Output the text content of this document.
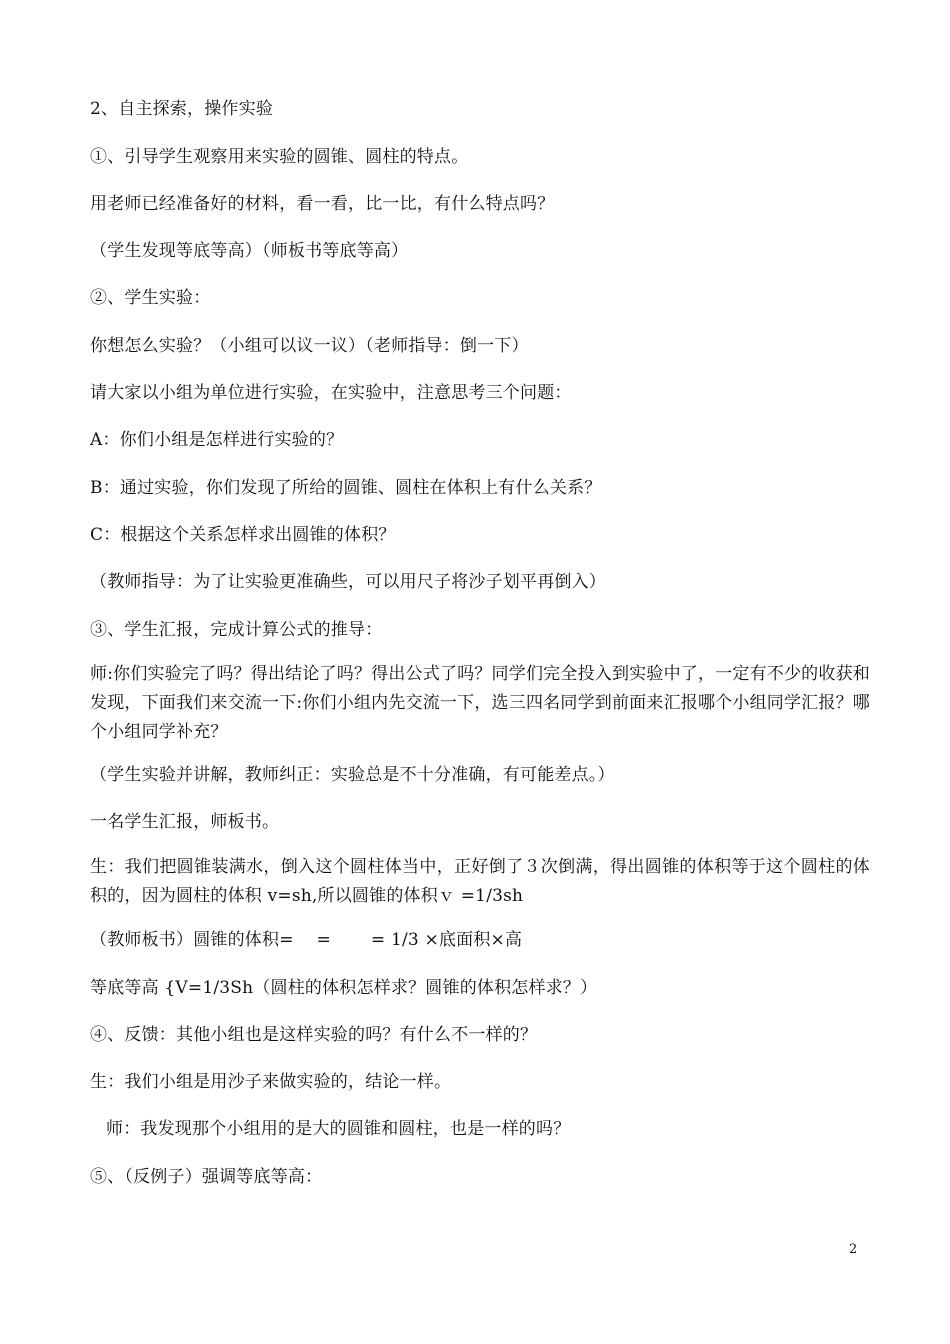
2、自主探索，操作实验
①、引导学生观察用来实验的圆锥、圆柱的特点。
用老师已经准备好的材料，看一看，比一比，有什么特点吗？
（学生发现等底等高）（师板书等底等高）
②、学生实验：
你想怎么实验？（小组可以议一议）（老师指导：倒一下）
请大家以小组为单位进行实验，在实验中，注意思考三个问题：
A：你们小组是怎样进行实验的？
B：通过实验，你们发现了所给的圆锥、圆柱在体积上有什么关系？
C：根据这个关系怎样求出圆锥的体积？
（教师指导：为了让实验更准确些，可以用尺子将沙子划平再倒入）
③、学生汇报，完成计算公式的推导：
师:你们实验完了吗？得出结论了吗？得出公式了吗？同学们完全投入到实验中了，一定有不少的收获和发现，下面我们来交流一下:你们小组内先交流一下，选三四名同学到前面来汇报哪个小组同学汇报？哪个小组同学补充？
（学生实验并讲解，教师纠正：实验总是不十分准确，有可能差点。）
一名学生汇报，师板书。
生：我们把圆锥装满水，倒入这个圆柱体当中，正好倒了３次倒满，得出圆锥的体积等于这个圆柱的体积的，因为圆柱的体积 v=sh,所以圆锥的体积ｖ =1/3sh
（教师板书）圆锥的体积=　 =　　 = 1/3 ×底面积×高
等底等高 {V=1/3Sh（圆柱的体积怎样求？圆锥的体积怎样求？）
④、反馈：其他小组也是这样实验的吗？有什么不一样的？
生：我们小组是用沙子来做实验的，结论一样。
师：我发现那个小组用的是大的圆锥和圆柱，也是一样的吗？
⑤、（反例子）强调等底等高：
2
